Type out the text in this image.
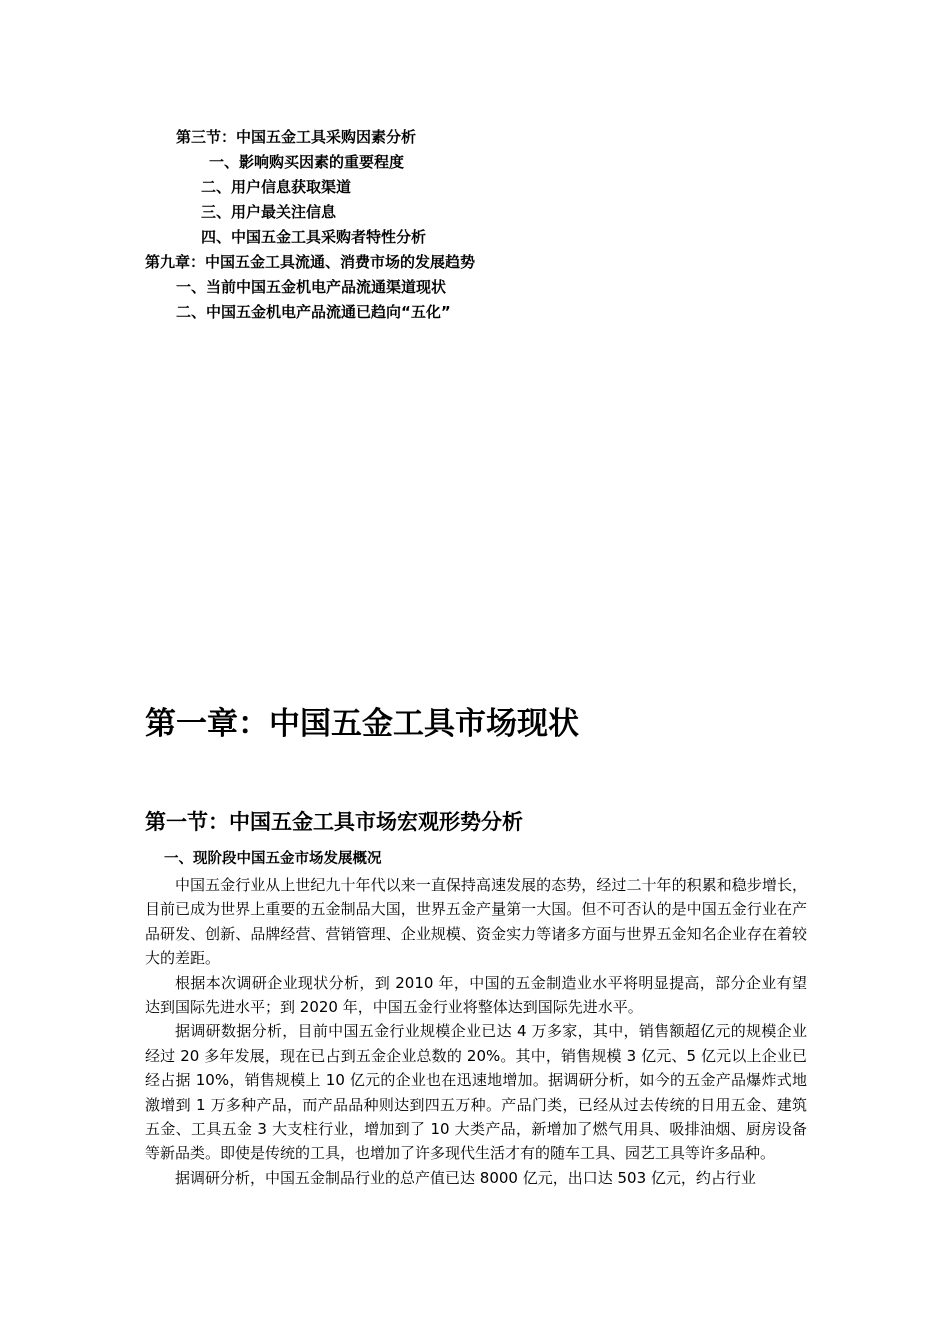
第三节：中国五金工具采购因素分析
一、影响购买因素的重要程度
二、用户信息获取渠道
三、用户最关注信息
四、中国五金工具采购者特性分析
第九章：中国五金工具流通、消费市场的发展趋势
一、当前中国五金机电产品流通渠道现状
二、中国五金机电产品流通已趋向“五化”
第一章：中国五金工具市场现状
第一节：中国五金工具市场宏观形势分析
一、现阶段中国五金市场发展概况

中国五金行业从上世纪九十年代以来一直保持高速发展的态势，经过二十年的积累和稳步增长，目前已成为世界上重要的五金制品大国，世界五金产量第一大国。但不可否认的是中国五金行业在产品研发、创新、品牌经营、营销管理、企业规模、资金实力等诸多方面与世界五金知名企业存在着较大的差距。

根据本次调研企业现状分析，到 2010 年，中国的五金制造业水平将明显提高，部分企业有望达到国际先进水平；到 2020 年，中国五金行业将整体达到国际先进水平。

据调研数据分析，目前中国五金行业规模企业已达 4 万多家，其中，销售额超亿元的规模企业经过 20 多年发展，现在已占到五金企业总数的 20%。其中，销售规模 3 亿元、5 亿元以上企业已经占据 10%，销售规模上 10 亿元的企业也在迅速地增加。据调研分析，如今的五金产品爆炸式地激增到 1 万多种产品，而产品品种则达到四五万种。产品门类，已经从过去传统的日用五金、建筑五金、工具五金 3 大支柱行业，增加到了 10 大类产品，新增加了燃气用具、吸排油烟、厨房设备等新品类。即使是传统的工具，也增加了许多现代生活才有的随车工具、园艺工具等许多品种。

据调研分析，中国五金制品行业的总产值已达 8000 亿元，出口达 503 亿元，约占行业
